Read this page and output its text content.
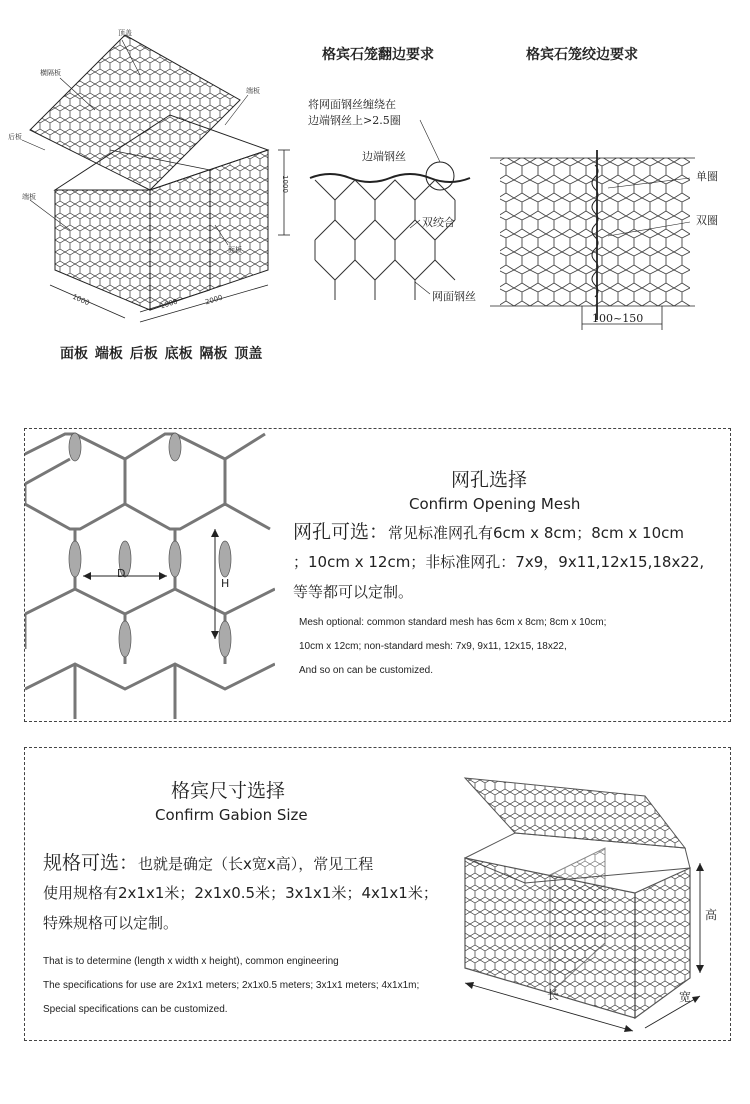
顶盖
横隔板
端板
后板
端板
面板
1000
1000	1000	2000
面板 端板 后板 底板 隔板 顶盖
格宾石笼翻边要求
将网面钢丝缠绕在
边端钢丝上>2.5圈
边端钢丝
双绞合
网面钢丝
格宾石笼绞边要求
单圈
双圈
100~150
D
H
网孔选择
Confirm Opening Mesh
网孔可选：常见标准网孔有6cm x 8cm；8cm x 10cm
；10cm x 12cm；非标准网孔：7x9，9x11,12x15,18x22,
等等都可以定制。
Mesh optional: common standard mesh has 6cm x 8cm; 8cm x 10cm;
10cm x 12cm; non-standard mesh: 7x9, 9x11, 12x15, 18x22,
And so on can be customized.
格宾尺寸选择
Confirm Gabion Size
规格可选：也就是确定（长x宽x高），常见工程
使用规格有2x1x1米；2x1x0.5米；3x1x1米；4x1x1米；
特殊规格可以定制。
That is to determine (length x width x height), common engineering
The specifications for use are 2x1x1 meters; 2x1x0.5 meters; 3x1x1 meters; 4x1x1m;
Special specifications can be customized.
长	宽
高
